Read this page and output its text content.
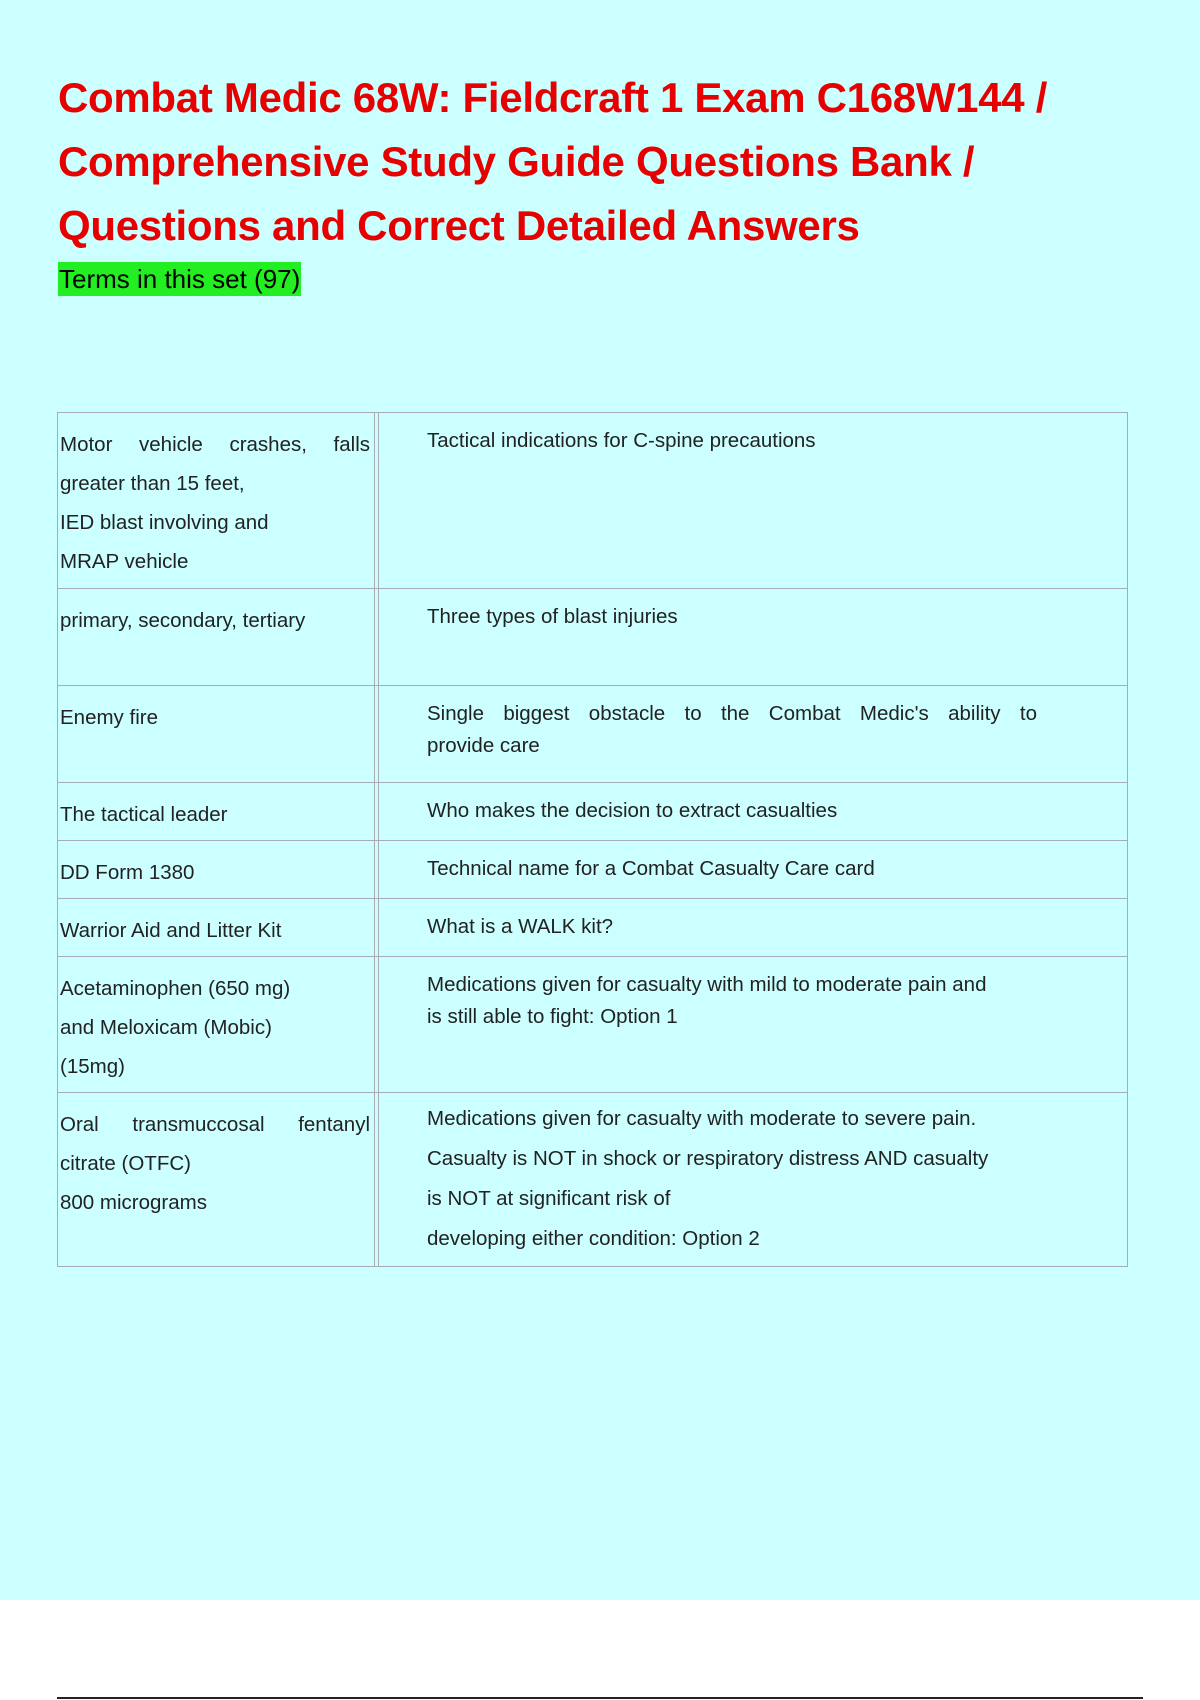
Combat Medic 68W: Fieldcraft 1 Exam C168W144 /
Comprehensive Study Guide Questions Bank /
Questions and Correct Detailed Answers
Terms in this set (97)
Motor vehicle crashes, falls
greater than 15 feet,
IED blast involving and
MRAP vehicle		Tactical indications for C-spine precautions

primary, secondary, tertiary		Three types of blast injuries

Enemy fire		Single biggest obstacle to the Combat Medic's ability to
provide care

The tactical leader		Who makes the decision to extract casualties

DD Form 1380		Technical name for a Combat Casualty Care card

Warrior Aid and Litter Kit		What is a WALK kit?

Acetaminophen (650 mg)
and Meloxicam (Mobic)
(15mg)		Medications given for casualty with mild to moderate pain and
is still able to fight: Option 1

Oral transmuccosal fentanyl
citrate (OTFC)
800 micrograms		Medications given for casualty with moderate to severe pain.
Casualty is NOT in shock or respiratory distress AND casualty
is NOT at significant risk of
developing either condition: Option 2
